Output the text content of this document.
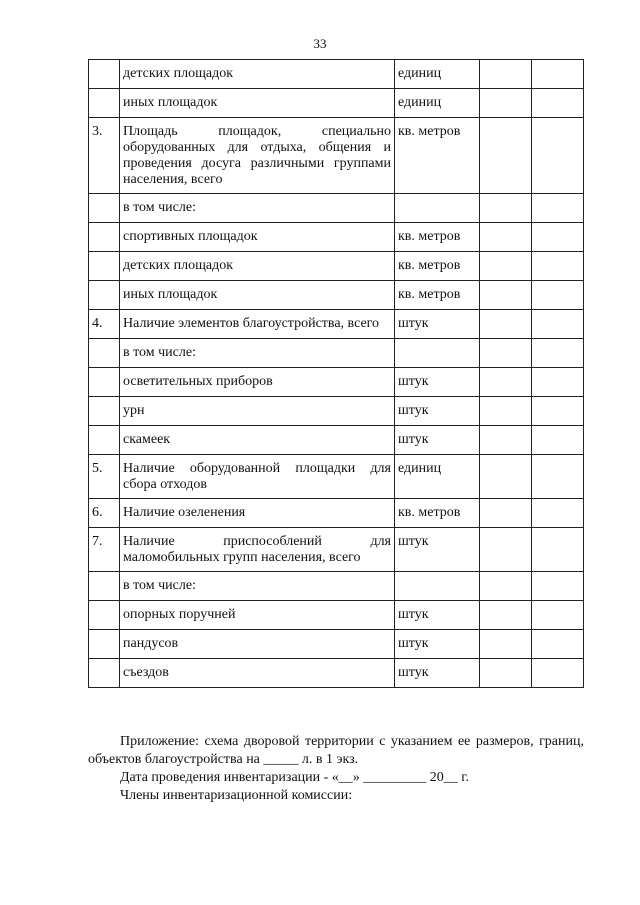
33
	детских площадок	единиц		
	иных площадок	единиц		
3.	Площадь площадок, специально оборудованных для отдыха, общения и проведения досуга различными группами населения, всего	кв. метров		
	в том числе:			
	спортивных площадок	кв. метров		
	детских площадок	кв. метров		
	иных площадок	кв. метров		
4.	Наличие элементов благоустройства, всего	штук		
	в том числе:			
	осветительных приборов	штук		
	урн	штук		
	скамеек	штук		
5.	Наличие оборудованной площадки для сбора отходов	единиц		
6.	Наличие озеленения	кв. метров		
7.	Наличие приспособлений для маломобильных групп населения, всего	штук		
	в том числе:			
	опорных поручней	штук		
	пандусов	штук		
	съездов	штук		

Приложение: схема дворовой территории с указанием ее размеров, границ, объектов благоустройства на _____ л. в 1 экз.

Дата проведения инвентаризации - «__» _________ 20__ г.

Члены инвентаризационной комиссии:
